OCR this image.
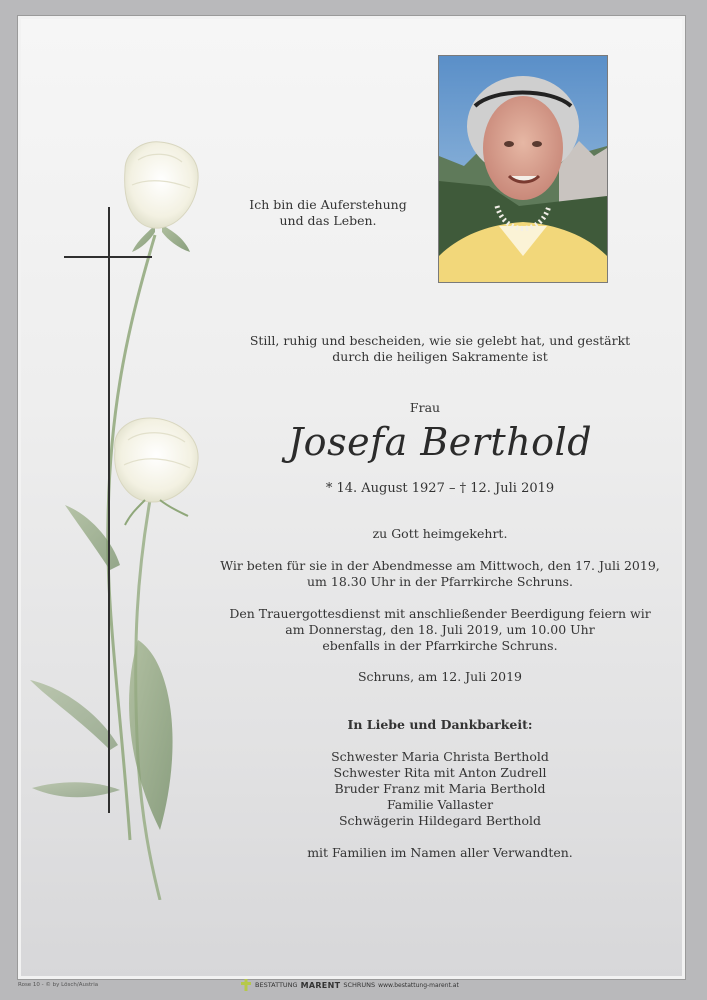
Ich bin die Auferstehung
und das Leben.
Still, ruhig und bescheiden, wie sie gelebt hat, und gestärkt
durch die heiligen Sakramente ist
Frau
Josefa Berthold
* 14. August 1927 – † 12. Juli 2019
zu Gott heimgekehrt.
Wir beten für sie in der Abendmesse am Mittwoch, den 17. Juli 2019,
um 18.30 Uhr in der Pfarrkirche Schruns.
Den Trauergottesdienst mit anschließender Beerdigung feiern wir
am Donnerstag, den 18. Juli 2019, um 10.00 Uhr
ebenfalls in der Pfarrkirche Schruns.
Schruns, am 12. Juli 2019
In Liebe und Dankbarkeit:
Schwester Maria Christa Berthold
Schwester Rita mit Anton Zudrell
Bruder Franz mit Maria Berthold
Familie Vallaster
Schwägerin Hildegard Berthold
mit Familien im Namen aller Verwandten.
Rose 10 - © by Lösch/Austria	BESTATTUNG MARENT SCHRUNS www.bestattung-marent.at
